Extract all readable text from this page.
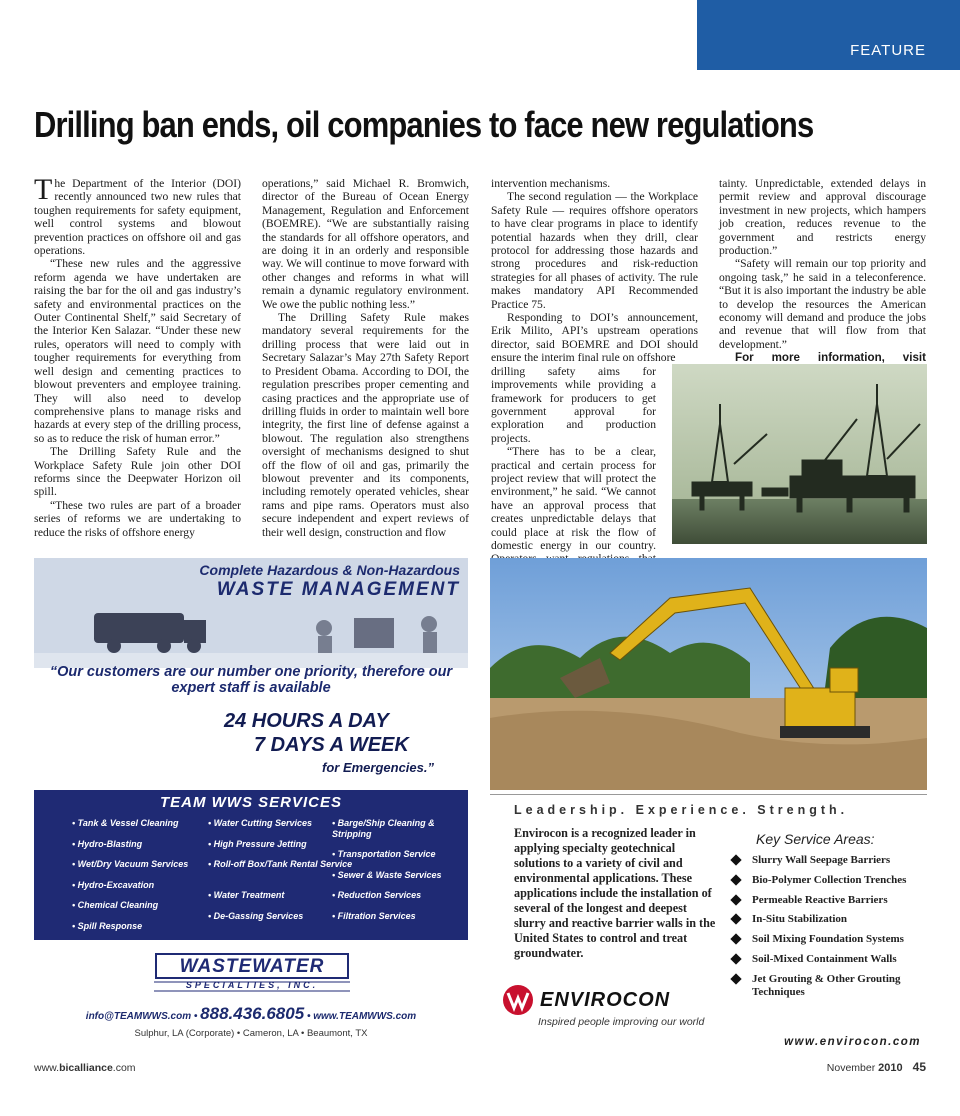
FEATURE
Drilling ban ends, oil companies to face new regulations

The Department of the Interior (DOI) recently announced two new rules that toughen requirements for safety equipment, well control systems and blowout prevention practices on offshore oil and gas operations.

“These new rules and the aggressive reform agenda we have undertaken are raising the bar for the oil and gas industry’s safety and environmental practices on the Outer Continental Shelf,” said Secretary of the Interior Ken Salazar. “Under these new rules, operators will need to comply with tougher requirements for everything from well design and cementing practices to blowout preventers and employee training. They will also need to develop comprehensive plans to manage risks and hazards at every step of the drilling process, so as to reduce the risk of human error.”

The Drilling Safety Rule and the Workplace Safety Rule join other DOI reforms since the Deepwater Horizon oil spill.

“These two rules are part of a broader series of reforms we are undertaking to reduce the risks of offshore energy

operations,” said Michael R. Bromwich, director of the Bureau of Ocean Energy Management, Regulation and Enforcement (BOEMRE). “We are substantially raising the standards for all offshore operators, and are doing it in an orderly and responsible way. We will continue to move forward with other changes and reforms in what will remain a dynamic regulatory environment. We owe the public nothing less.”

The Drilling Safety Rule makes mandatory several requirements for the drilling process that were laid out in Secretary Salazar’s May 27th Safety Report to President Obama. According to DOI, the regulation prescribes proper cementing and casing practices and the appropriate use of drilling fluids in order to maintain well bore integrity, the first line of defense against a blowout. The regulation also strengthens oversight of mechanisms designed to shut off the flow of oil and gas, primarily the blowout preventer and its components, including remotely operated vehicles, shear rams and pipe rams. Operators must also secure independent and expert reviews of their well design, construction and flow

intervention mechanisms.

The second regulation — the Workplace Safety Rule — requires offshore operators to have clear programs in place to identify potential hazards when they drill, clear protocol for addressing those hazards and strong procedures and risk-reduction strategies for all phases of activity. The rule makes mandatory API Recommended Practice 75.

Responding to DOI’s announcement, Erik Milito, API’s upstream operations director, said BOEMRE and DOI should ensure the interim final rule on offshore

drilling safety aims for improvements while providing a framework for producers to get government approval for exploration and production projects.

“There has to be a clear, practical and certain process for project review that will protect the environment,” he said. “We cannot have an approval process that creates unpredictable delays that could place at risk the flow of domestic energy in our country.

tainty. Unpredictable, extended delays in permit review and approval discourage investment in new projects, which hampers job creation, reduces revenue to the government and restricts energy production.”

“Safety will remain our top priority and ongoing task,” he said in a teleconference. “But it is also important the industry be able to develop the resources the American economy will demand and produce the jobs and revenue that will flow from that development.”

For more information, visit

Complete Hazardous & Non-Hazardous
WASTE MANAGEMENT
“Our customers are our number one priority, therefore our expert staff is available
24 HOURS A DAY
7 DAYS A WEEK
for Emergencies.”
TEAM WWS SERVICES
• Tank & Vessel Cleaning
• Hydro-Blasting
• Wet/Dry Vacuum Services
• Hydro-Excavation
• Chemical Cleaning
• Spill Response
• Water Cutting Services
• High Pressure Jetting
• Roll-off Box/Tank Rental Service
• Water Treatment
• De-Gassing Services
• Barge/Ship Cleaning & Stripping
• Transportation Service
• Sewer & Waste Services
• Reduction Services
• Filtration Services
WASTEWATER
SPECIALTIES, INC.
info@TEAMWWS.com • 888.436.6805 • www.TEAMWWS.com
Sulphur, LA (Corporate) • Cameron, LA • Beaumont, TX
Leadership. Experience. Strength.
Envirocon is a recognized leader in applying specialty geotechnical solutions to a variety of civil and environmental applications. These applications include the installation of several of the longest and deepest slurry and reactive barrier walls in the United States to control and treat groundwater.
Key Service Areas:
Slurry Wall Seepage Barriers
Bio-Polymer Collection Trenches
Permeable Reactive Barriers
In-Situ Stabilization
Soil Mixing Foundation Systems
Soil-Mixed Containment Walls
Jet Grouting & Other Grouting Techniques
ENVIROCON
Inspired people improving our world
www.envirocon.com
www.bicalliance.com	November 2010 45
